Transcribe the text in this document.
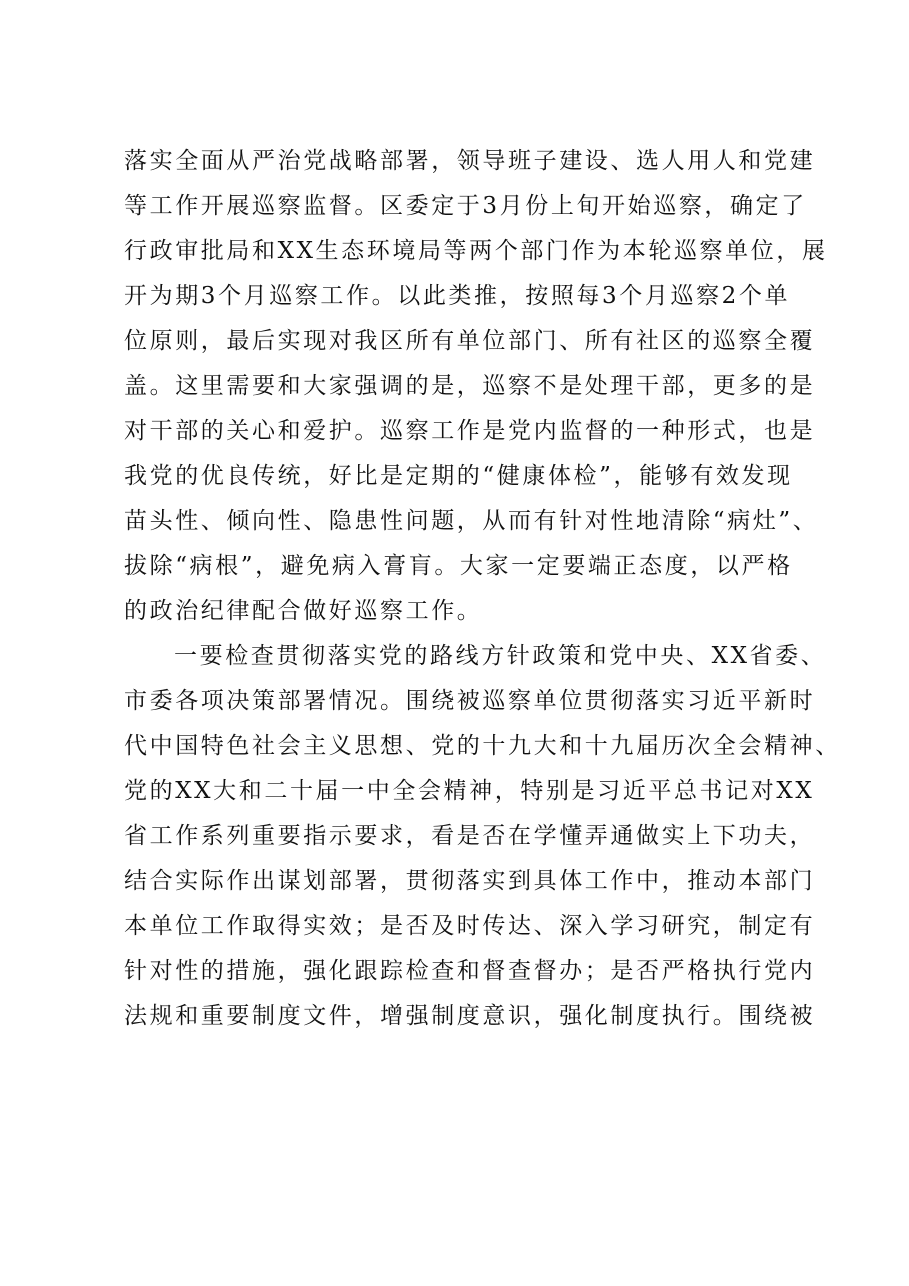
落实全面从严治党战略部署，领导班子建设、选人用人和党建
等工作开展巡察监督。区委定于3月份上旬开始巡察，确定了
行政审批局和XX生态环境局等两个部门作为本轮巡察单位，展
开为期3个月巡察工作。以此类推，按照每3个月巡察2个单
位原则，最后实现对我区所有单位部门、所有社区的巡察全覆
盖。这里需要和大家强调的是，巡察不是处理干部，更多的是
对干部的关心和爱护。巡察工作是党内监督的一种形式，也是
我党的优良传统，好比是定期的“健康体检”，能够有效发现
苗头性、倾向性、隐患性问题，从而有针对性地清除“病灶”、
拔除“病根”，避免病入膏肓。大家一定要端正态度，以严格
的政治纪律配合做好巡察工作。
一要检查贯彻落实党的路线方针政策和党中央、XX省委、
市委各项决策部署情况。围绕被巡察单位贯彻落实习近平新时
代中国特色社会主义思想、党的十九大和十九届历次全会精神、
党的XX大和二十届一中全会精神，特别是习近平总书记对XX
省工作系列重要指示要求，看是否在学懂弄通做实上下功夫，
结合实际作出谋划部署，贯彻落实到具体工作中，推动本部门
本单位工作取得实效；是否及时传达、深入学习研究，制定有
针对性的措施，强化跟踪检查和督查督办；是否严格执行党内
法规和重要制度文件，增强制度意识，强化制度执行。围绕被
